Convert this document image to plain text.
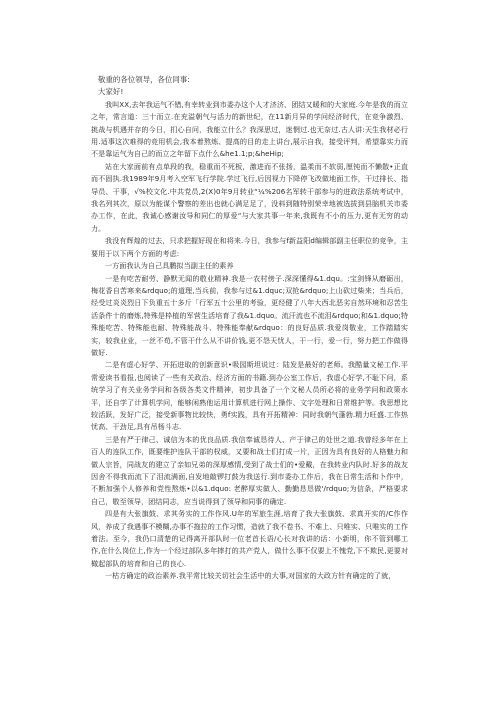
敬重的各位领导，各位同事:

大家好!

我叫XX,去年我运气不错,有幸转业到市委办这个人才济济、团结又暖和的大家庭.今年是我的而立之年，常言道：三十而立.在充溢朝气与活力的新世纪，在11新月异的学问经济时代，在竞争激烈、挑战与机遇并存的今日，扪心自问，我能立什么？我深思过，迷惘过.也无奈过.古人讲:天生我材必行用.适事这次难得的竞用机会,我本着熬炼、提高的目的走上讲台,展示自我，接受评判，希望靠实力而不是靠运气为自己的而立之年留下点什么&he1.1;p;&hеHip;

站在大家面前有点单段的我，稳重而不死板，激进而不张扬，温柔而不软弱,厘钝而不懒散•正直而不固执.我1989年9月考入空军飞行学院.学过飞行,后因视力下降停飞改做地面工作，干过排长、指导员、干事，√%校文化.中共党员,2(X)0年9月转业“¼%206名军转干部参与的进政法系统考试中，我名列其次，原以为能谋个警察的差出也就心满足足了，没料到随特别荣幸地被选拔到县脑机关市委办工作，在此，我诚心感谢汝导和同仁的厚爱“与大家共事一年来,我既有不小的压力,更有无穷的动力。

我没有辉煌的过去，只求把握好现在和将来.今日，我参与f新益阳d编辑部副主任职位的竞争，主要用于以下两个方面的考虑:

一方面我认为自己具鹏拟当副主任的素养

一是有吃苦耐劳、静默无闻的敬业精神.我是一农村傍子.深深懂得&1.dqu。:宝剑锋从磨砺出，梅花香自苦寒来&rdquo;的道理,当兵前，我参与过&1.dquc;双抢&rdquo;上山砍过柴来；当兵后，经受过炎炎烈日下负重五十多斤「行军五十公里的考验，更经健了八年大西北恶劣自然环境和忍苦生活条件十的磨炼,特殊是枠植的军营生活培育了我&1.dquo。流汗流也不流泪&rdquo;和&1.dquo;特殊能吃苦、特殊能也耐、特殊能战斗、特殊能奉献&rdquo：的良好品质.我爱岗敬业，工作踏踏实实，较我业业，一丝不苟,不管干什么从不讲价钱,更不怨天忧人，干一行，爱一行，努力把工作做得做好.

二是有虚心好学、开拓进取的创新意识•吸园斯坦说过：陆发是最好的老师。我酷量文秘工作.平常爱读书看报,也阅读了一些有关政治、经济方面的书籍.到办公室工作后，我虚心好学,不耻下问，系统学习了有关业务学问和各级各类文件精神，初步具备了一个文秘人员所必将的业务学问和政策水平，还自学了计算机学问，能够闲熟他运用计算机进行网上操作、文字处理和日常维护等。我思想比较活跃，发好广泛，接受新事物比较快，勇f实践，具有开拓精神：同时我朝气蓬勃.精力旺盛.工作热忧高、干劲足,具有吊杨斗志.

三是有严于律己、诚信为本的优良品质.我信奉诚恳待人、产于律己的处世之道.我曾经多年在上百人的连队工作，既要维护连队干部的权威，又要和战士们打成一片，正因为具有良好的人格魅力和做人宗旨，同战友的建立了亲如兄弟的深厚感情,受到了战士们的•爱戴，在我转业内队时.好多的战友因舍不得我而流下了泪流满面,自发地敲锣打鼓为我送行.到市委办工作后，我在日常生活和卜作中，不断加强个人修养和党性熬炼•以&1.dquo: 老醉厚实做人、勤勤恳恳做'∕rdquo;为信条，严格要求自己，敬至领导，团结同志，应当说得到了领导和同事的确定.

四是有大张旗鼓、求其务实的工作作风.U年的军旅生涯,培育了我大张旗鼓、求真开实的/C作作风，养成了我遇事不模糊,办事不拖拉的工作习惯，造就了我不卷书、不难上、只唯实、只唯实的工作着法。至今，我仍口清楚的记得离开部队时一位老首长语/心长对我讲的话：小新明，你不管到哪工作,在什么岗位上,作为一个经过部队多年摔打的共产党人，做什么事不仅要上不愧党,下不欺民,更要对橄起部队的培育和自己的良心.

一枯方确定的政治素养.我平常比较关切社会生活中的大事,对国家的大政方针有确定的了就，
